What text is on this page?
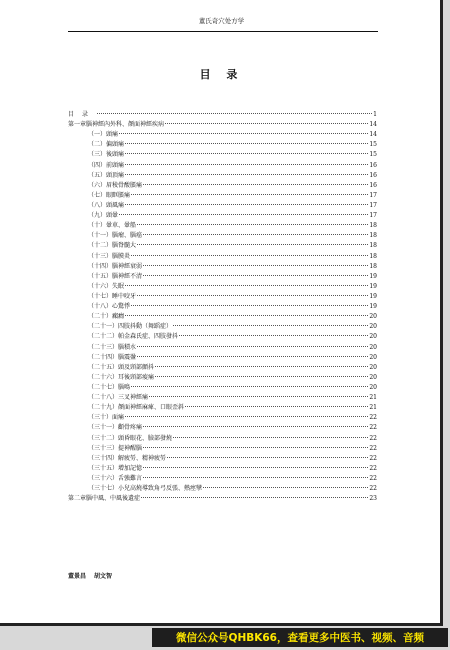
董氏奇穴处方学
目 录
目录	1
第一章腦神經內外科、顏面神經疾病	14
（一）頭痛	14
（二）偏頭痛	15
（三）後頭痛	15
（四）前頭痛	16
（五）頭頂痛	16
（六）眉稜骨酸脹痛	16
（七）眼眶脹痛	17
（八）頭風痛	17
（九）頭暈	17
（十）暈車、暈船	18
（十一）腦瘤、腦癌	18
（十二）腦脊髓大	18
（十三）腦膜炎	18
（十四）腦神經衰弱	18
（十五）腦神經不清	19
（十六）失眠	19
（十七）睡中咬牙	19
（十八）心驚悸	19
（二十）癲癇	20
（二十一）四肢抖動（舞蹈症）	20
（二十二）帕金森氏症、四肢發抖	20
（二十三）腦積水	20
（二十四）腦震盪	20
（二十五）頭及頸部顫抖	20
（二十六）耳後頸部痠痛	20
（二十七）腦鳴	20
（二十八）三叉神經痛	21
（二十九）顏面神經麻痺、口眼歪斜	21
（三十）面痛	22
（三十一）顴骨疼痛	22
（三十二）頭昏眼花、臉部發燒	22
（三十三）提神醒腦	22
（三十四）解疲勞、精神疲勞	22
（三十五）增加記憶	22
（三十六）舌強難言	22
（三十七）小兒高燒導致角弓反張、熱痙攣	22
第二章腦中風、中風後遺症	23
董景昌 胡文智
微信公众号QHBK66，查看更多中医书、视频、音频
